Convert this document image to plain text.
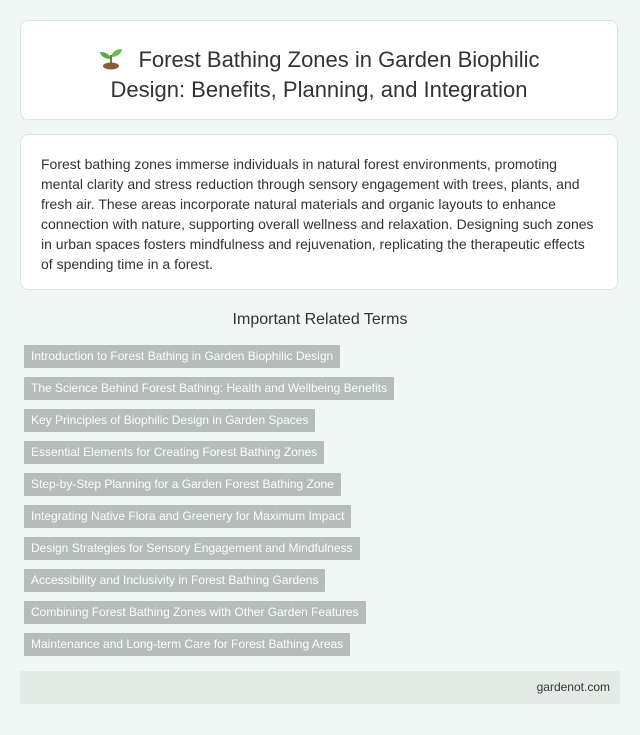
Forest Bathing Zones in Garden Biophilic Design: Benefits, Planning, and Integration

Forest bathing zones immerse individuals in natural forest environments, promoting mental clarity and stress reduction through sensory engagement with trees, plants, and fresh air. These areas incorporate natural materials and organic layouts to enhance connection with nature, supporting overall wellness and relaxation. Designing such zones in urban spaces fosters mindfulness and rejuvenation, replicating the therapeutic effects of spending time in a forest.

Important Related Terms
Introduction to Forest Bathing in Garden Biophilic Design
The Science Behind Forest Bathing: Health and Wellbeing Benefits
Key Principles of Biophilic Design in Garden Spaces
Essential Elements for Creating Forest Bathing Zones
Step-by-Step Planning for a Garden Forest Bathing Zone
Integrating Native Flora and Greenery for Maximum Impact
Design Strategies for Sensory Engagement and Mindfulness
Accessibility and Inclusivity in Forest Bathing Gardens
Combining Forest Bathing Zones with Other Garden Features
Maintenance and Long-term Care for Forest Bathing Areas
gardenot.com
